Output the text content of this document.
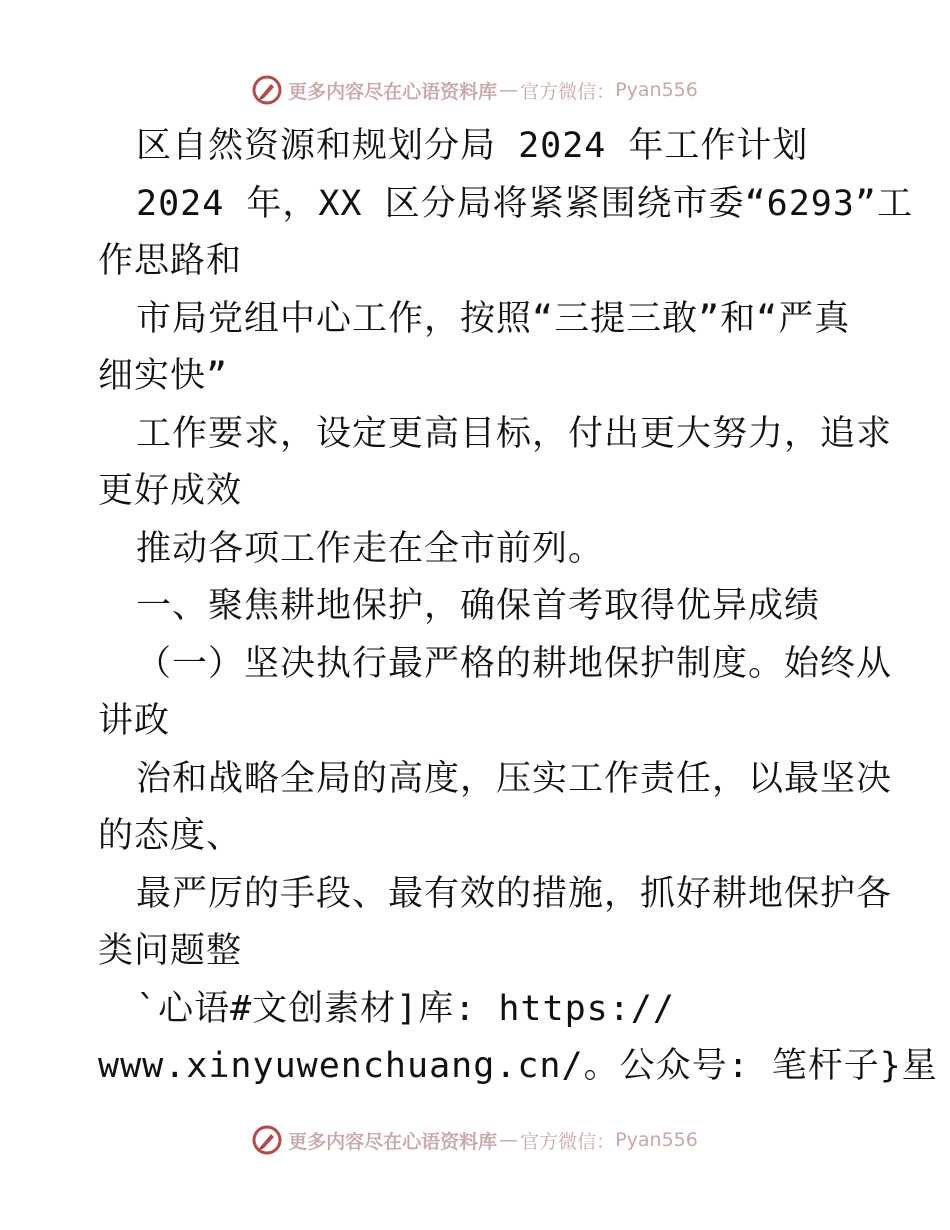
更多内容尽在心语资料库 — 官方微信： Pyan556
区自然资源和规划分局 2024 年工作计划
2024 年，XX 区分局将紧紧围绕市委“6293”工
作思路和
市局党组中心工作，按照“三提三敢”和“严真
细实快”
工作要求，设定更高目标，付出更大努力，追求
更好成效
推动各项工作走在全市前列。
一、聚焦耕地保护，确保首考取得优异成绩
（一）坚决执行最严格的耕地保护制度。始终从
讲政
治和战略全局的高度，压实工作责任，以最坚决
的态度、
最严厉的手段、最有效的措施，抓好耕地保护各
类问题整
`心语#文创素材]库: https://
www.xinyuwenchuang.cn/。公众号: 笔杆子}星
更多内容尽在心语资料库 — 官方微信： Pyan556
